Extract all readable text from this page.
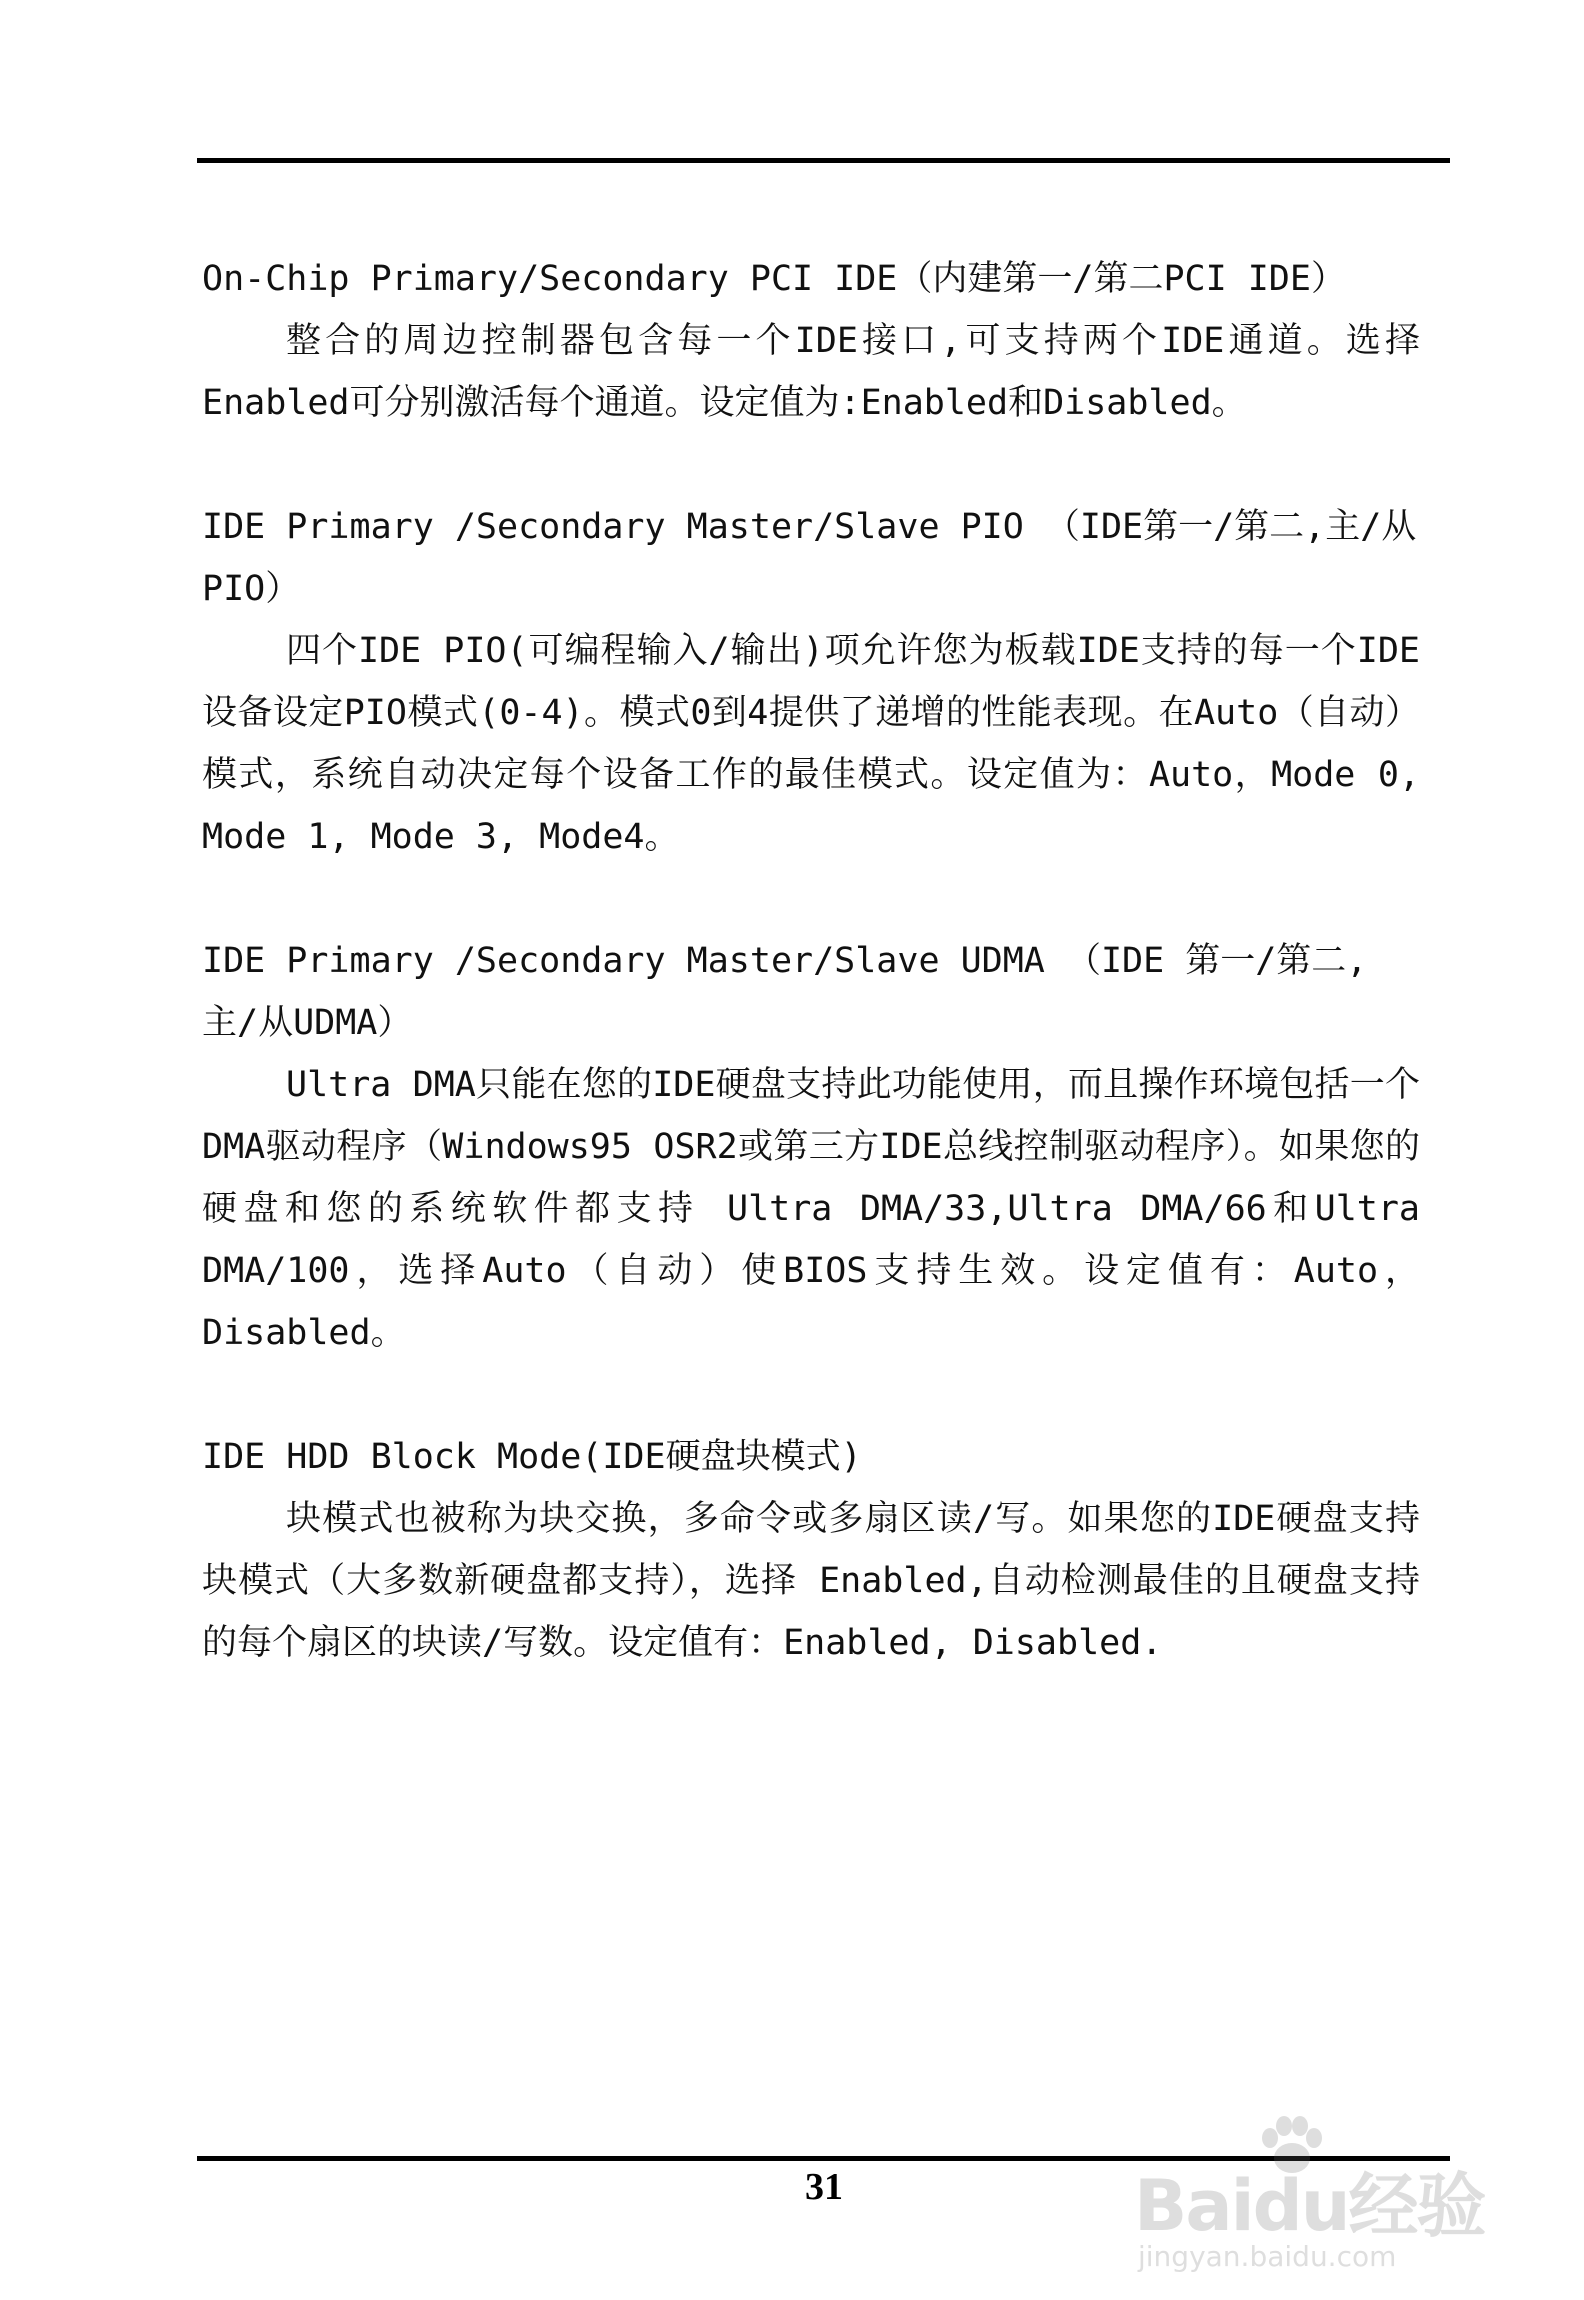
On-Chip Primary/Secondary PCI IDE（内建第一/第二PCI IDE）

整合的周边控制器包含每一个IDE接口,可支持两个IDE通道。选择Enabled可分别激活每个通道。设定值为:Enabled和Disabled。

IDE Primary /Secondary Master/Slave PIO （IDE第一/第二,主/从PIO）

四个IDE PIO(可编程输入/输出)项允许您为板载IDE支持的每一个IDE设备设定PIO模式(0-4)。模式0到4提供了递增的性能表现。在Auto（自动）模式，系统自动决定每个设备工作的最佳模式。设定值为：Auto，Mode 0, Mode 1, Mode 3, Mode4。

IDE Primary /Secondary Master/Slave UDMA （IDE 第一/第二,主/从UDMA）

Ultra DMA只能在您的IDE硬盘支持此功能使用，而且操作环境包括一个DMA驱动程序（Windows95 OSR2或第三方IDE总线控制驱动程序）。如果您的硬盘和您的系统软件都支持 Ultra DMA/33,Ultra DMA/66和Ultra DMA/100，选择Auto（自动）使BIOS支持生效。设定值有：Auto，Disabled。

IDE HDD Block Mode(IDE硬盘块模式)

块模式也被称为块交换，多命令或多扇区读/写。如果您的IDE硬盘支持块模式（大多数新硬盘都支持），选择 Enabled,自动检测最佳的且硬盘支持的每个扇区的块读/写数。设定值有：Enabled, Disabled.

31	Baidu经验
jingyan.baidu.com
